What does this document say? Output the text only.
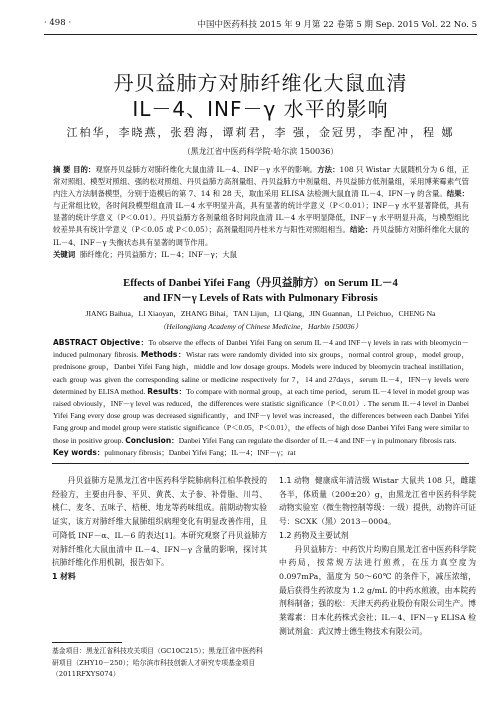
· 498 ·	中国中医药科技 2015 年 9 月第 22 卷第 5 期 Sep. 2015 Vol. 22 No. 5
丹贝益肺方对肺纤维化大鼠血清
IL－4、INF－γ 水平的影响
江柏华，李晓燕，张碧海，谭莉君，李 强，金冠男，李配冲，程 娜
（黑龙江省中医药科学院·哈尔滨 150036）

摘 要 目的：观察丹贝益肺方对肺纤维化大鼠血清 IL－4、INF－γ 水平的影响。方法：108 只 Wistar 大鼠随机分为 6 组，正常对照组、模型对照组、强的松对照组、丹贝益肺方高剂量组、丹贝益肺方中剂量组、丹贝益肺方低剂量组，采用博莱霉素气管内注入方法制备模型，分别于造模后的第 7、14 和 28 天，取血采用 ELISA 法检测大鼠血清 IL－4、IFN－γ 的含量。结果：与正常组比较，各时间段模型组血清 IL－4 水平明显升高，具有显著的统计学意义（P＜0.01）；INF－γ 水平显著降低，具有显著的统计学意义（P＜0.01）。丹贝益肺方各剂量组各时间段血清 IL－4 水平明显降低，INF－γ 水平明显升高，与模型组比较差异具有统计学意义（P＜0.05 或 P＜0.05）；高剂量组同丹桂米方与阳性对照组相当。结论：丹贝益肺方对肺纤维化大鼠的 IL－4、INF－γ 失衡状态具有显著的调节作用。

关键词 肺纤维化；丹贝益肺方；IL－4；INF－γ；大鼠

Effects of Danbei Yifei Fang（丹贝益肺方）on Serum IL－4
and IFN－γ Levels of Rats with Pulmonary Fibrosis
JIANG Baihua，LI Xiaoyan，ZHANG Bihai，TAN Lijun，LI Qiang，JIN Guannan，LI Peichuo，CHENG Na
（Heilongjiang Academy of Chinese Medicine，Harbin 150036）

ABSTRACT Objective：To observe the effects of Danbei Yifei Fang on serum IL－4 and INF－γ levels in rats with bleomycin－induced pulmonary fibrosis. Methods：Wistar rats were randomly divided into six groups，normal control group，model group，prednisone group，Danbei Yifei Fang high，middle and low dosage groups. Models were induced by bleomycin tracheal instillation，each group was given the corresponding saline or medicine respectively for 7，14 and 27days，serum IL－4，IFN－γ levels were determined by ELISA method. Results：To compare with normal group，at each time period，serum IL－4 level in model group was raised obviously，INF－γ level was reduced，the differences were statistic significance（P＜0.01）. The serum IL－4 level in Danbei Yifei Fang every dose group was decreased significantly，and INF－γ level was increased，the differences between each Danbei Yifei Fang group and model group were statistic significance（P＜0.05，P＜0.01），the effects of high dose Danbei Yifei Fang were similar to those in positive group. Conclusion：Danbei Yifei Fang can regulate the disorder of IL－4 and INF－γ in pulmonary fibrosis rats.

Key words：pulmonary fibrosis；Danbei Yifei Fang；IL－4；INF－γ；rat

丹贝益肺方是黑龙江省中医药科学院肺病科江柏华教授的经验方，主要由丹参、平贝、黄芪、太子参、补骨脂、川芎、桃仁、麦冬、五味子、桔梗、地龙等药味组成。前期动物实验证实，该方对肺纤维大鼠肺组织病理变化有明显改善作用，且可降低 INF－α、IL－6 的表达[1]。本研究观察了丹贝益肺方对肺纤维化大鼠血清中 IL－4、IFN－γ 含量的影响，探讨其抗肺纤维化作用机制，报告如下。

1 材料

1.1 动物 健康成年清洁级 Wistar 大鼠共 108 只，雌雄各半，体质量（200±20）g，由黑龙江省中医药科学院动物实验室（微生物控制等级：一级）提供，动物许可证号：SCXK（黑）2013－0004。

1.2 药物及主要试剂

丹贝益肺方：中药饮片均购自黑龙江省中医药科学院中药局，按常规方法进行煎煮，在压力真空度为 0.097mPa，温度为 50～60℃ 的条件下，减压浓缩，最后获得生药浓度为 1.2 g/mL 的中药水煎液，由本院药剂科制备；强的松：天津天药药业股份有限公司生产。博莱霉素：日本化药株式会社；IL－4、IFN－γ ELISA 检测试剂盒：武汉博士德生物技术有限公司。

基金项目：黑龙江省科技攻关项目（GC10C215）；黑龙江省中医药科研项目（ZHY10－250）；哈尔滨市科技创新人才研究专项基金项目（2011RFXYS074）
